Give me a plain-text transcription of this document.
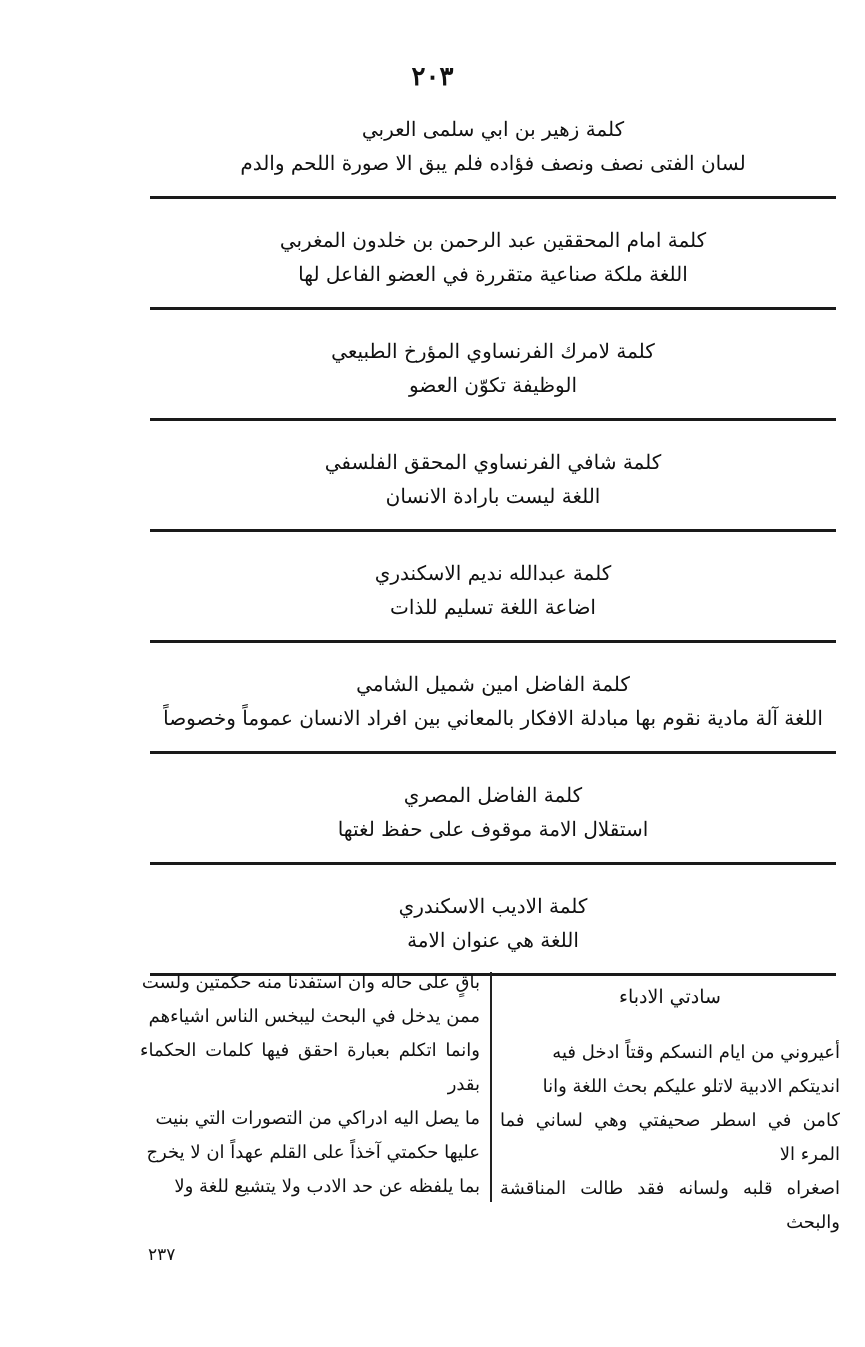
٢٠٣

كلمة زهير بن ابي سلمى العربي

لسان الفتى نصف ونصف فؤاده فلم يبق الا صورة اللحم والدم

كلمة امام المحققين عبد الرحمن بن خلدون المغربي

اللغة ملكة صناعية متقررة في العضو الفاعل لها

كلمة لامرك الفرنساوي المؤرخ الطبيعي

الوظيفة تكوّن العضو

كلمة شافي الفرنساوي المحقق الفلسفي

اللغة ليست بارادة الانسان

كلمة عبدالله نديم الاسكندري

اضاعة اللغة تسليم للذات

كلمة الفاضل امين شميل الشامي

اللغة آلة مادية نقوم بها مبادلة الافكار بالمعاني بين افراد الانسان عموماً وخصوصاً

كلمة الفاضل المصري

استقلال الامة موقوف على حفظ لغتها

كلمة الاديب الاسكندري

اللغة هي عنوان الامة

سادتي الادباء

أعيروني من ايام النسكم وقتاً ادخل فيه

انديتكم الادبية لاتلو عليكم بحث اللغة وانا

كامن في اسطر صحيفتي وهي لساني فما المرء الا

اصغراه قلبه ولسانه فقد طالت المناقشة والبحث

باقٍ على حاله وان استفدنا منه حكمتين ولست

ممن يدخل في البحث ليبخس الناس اشياءهم

وانما اتكلم بعبارة احقق فيها كلمات الحكماء بقدر

ما يصل اليه ادراكي من التصورات التي بنيت

عليها حكمتي آخذاً على القلم عهداً ان لا يخرج

بما يلفظه عن حد الادب ولا يتشيع للغة ولا

٢٣٧
